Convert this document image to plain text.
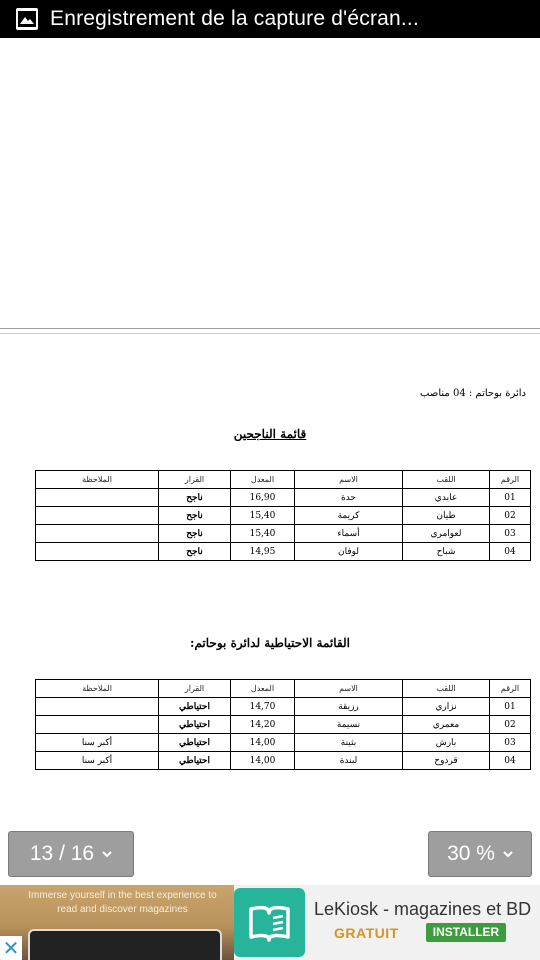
Enregistrement de la capture d'écran...
دائرة بوحاتم : 04 مناصب
قائمة الناجحين
الرقم	اللقب	الاسم	المعدل	القرار	الملاحظة
01	عابدي	حدة	16,90	ناجح	
02	طيان	كريمة	15,40	ناجح	
03	لعوامري	أسماء	15,40	ناجح	
04	شباح	لوفان	14,95	ناجح	
القائمة الاحتياطية لدائرة بوحاتم:
الرقم	اللقب	الاسم	المعدل	القرار	الملاحظة
01	نزاري	رزيقة	14,70	احتياطي	
02	معمري	نسيمة	14,20	احتياطي	
03	بارش	بثينة	14,00	احتياطي	أكبر سنا
04	قردوح	لبندة	14,00	احتياطي	أكبر سنا
13 / 16	30 %
Immerse yourself in the best experience to read and discover magazines
✕
LeKiosk - magazines et BD
GRATUIT	INSTALLER
